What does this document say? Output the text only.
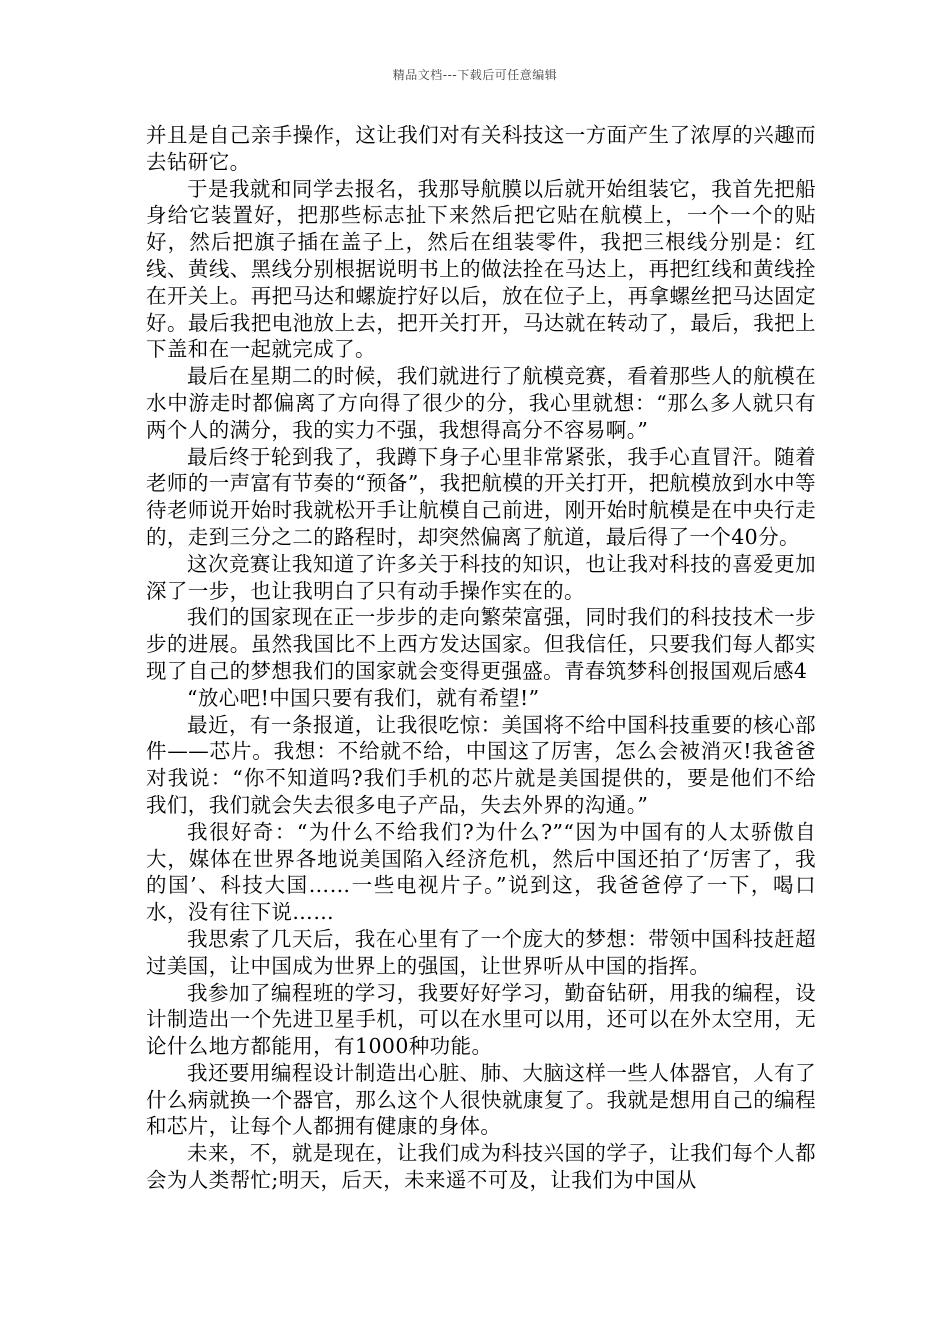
精品文档---下载后可任意编辑

并且是自己亲手操作，这让我们对有关科技这一方面产生了浓厚的兴趣而去钻研它。

于是我就和同学去报名，我那导航膜以后就开始组装它，我首先把船身给它装置好，把那些标志扯下来然后把它贴在航模上，一个一个的贴好，然后把旗子插在盖子上，然后在组装零件，我把三根线分别是：红线、黄线、黑线分别根据说明书上的做法拴在马达上，再把红线和黄线拴在开关上。再把马达和螺旋拧好以后，放在位子上，再拿螺丝把马达固定好。最后我把电池放上去，把开关打开，马达就在转动了，最后，我把上下盖和在一起就完成了。

最后在星期二的时候，我们就进行了航模竞赛，看着那些人的航模在水中游走时都偏离了方向得了很少的分，我心里就想：“那么多人就只有两个人的满分，我的实力不强，我想得高分不容易啊。”

最后终于轮到我了，我蹲下身子心里非常紧张，我手心直冒汗。随着老师的一声富有节奏的“预备”，我把航模的开关打开，把航模放到水中等待老师说开始时我就松开手让航模自己前进，刚开始时航模是在中央行走的，走到三分之二的路程时，却突然偏离了航道，最后得了一个40分。

这次竞赛让我知道了许多关于科技的知识，也让我对科技的喜爱更加深了一步，也让我明白了只有动手操作实在的。

我们的国家现在正一步步的走向繁荣富强，同时我们的科技技术一步步的进展。虽然我国比不上西方发达国家。但我信任，只要我们每人都实现了自己的梦想我们的国家就会变得更强盛。青春筑梦科创报国观后感4

“放心吧!中国只要有我们，就有希望!”

最近，有一条报道，让我很吃惊：美国将不给中国科技重要的核心部件——芯片。我想：不给就不给，中国这了厉害，怎么会被消灭!我爸爸对我说：“你不知道吗?我们手机的芯片就是美国提供的，要是他们不给我们，我们就会失去很多电子产品，失去外界的沟通。”

我很好奇：“为什么不给我们?为什么?”“因为中国有的人太骄傲自大，媒体在世界各地说美国陷入经济危机，然后中国还拍了‘厉害了，我的国’、科技大国……一些电视片子。”说到这，我爸爸停了一下，喝口水，没有往下说……

我思索了几天后，我在心里有了一个庞大的梦想：带领中国科技赶超过美国，让中国成为世界上的强国，让世界听从中国的指挥。

我参加了编程班的学习，我要好好学习，勤奋钻研，用我的编程，设计制造出一个先进卫星手机，可以在水里可以用，还可以在外太空用，无论什么地方都能用，有1000种功能。

我还要用编程设计制造出心脏、肺、大脑这样一些人体器官，人有了什么病就换一个器官，那么这个人很快就康复了。我就是想用自己的编程和芯片，让每个人都拥有健康的身体。

未来，不，就是现在，让我们成为科技兴国的学子，让我们每个人都会为人类帮忙;明天，后天，未来遥不可及，让我们为中国从
